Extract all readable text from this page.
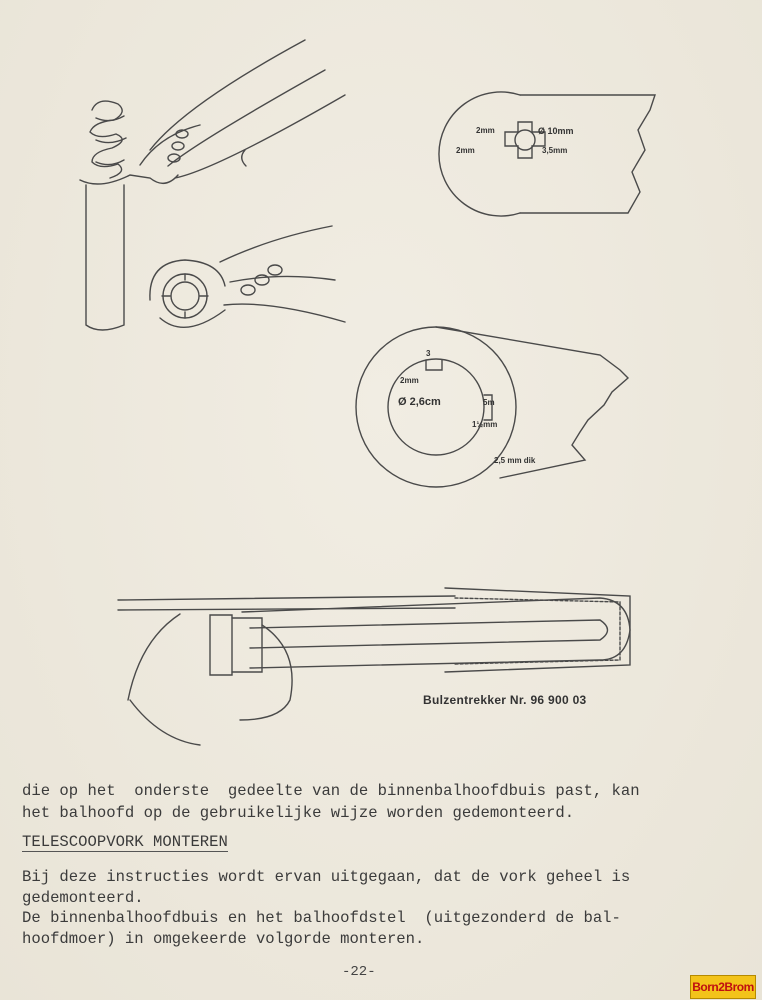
2mm
2mm
Ø 10mm
3,5mm
3
2mm
Ø 2,6cm	5m
1½mm
2,5 mm dik
Bulzentrekker Nr. 96 900 03
die op het  onderste  gedeelte van de binnenbalhoofdbuis past, kan
het balhoofd op de gebruikelijke wijze worden gedemonteerd.
TELESCOOPVORK MONTEREN
Bij deze instructies wordt ervan uitgegaan, dat de vork geheel is
gedemonteerd.
De binnenbalhoofdbuis en het balhoofdstel  (uitgezonderd de bal-
hoofdmoer) in omgekeerde volgorde monteren.
-22-
Born2Brom
